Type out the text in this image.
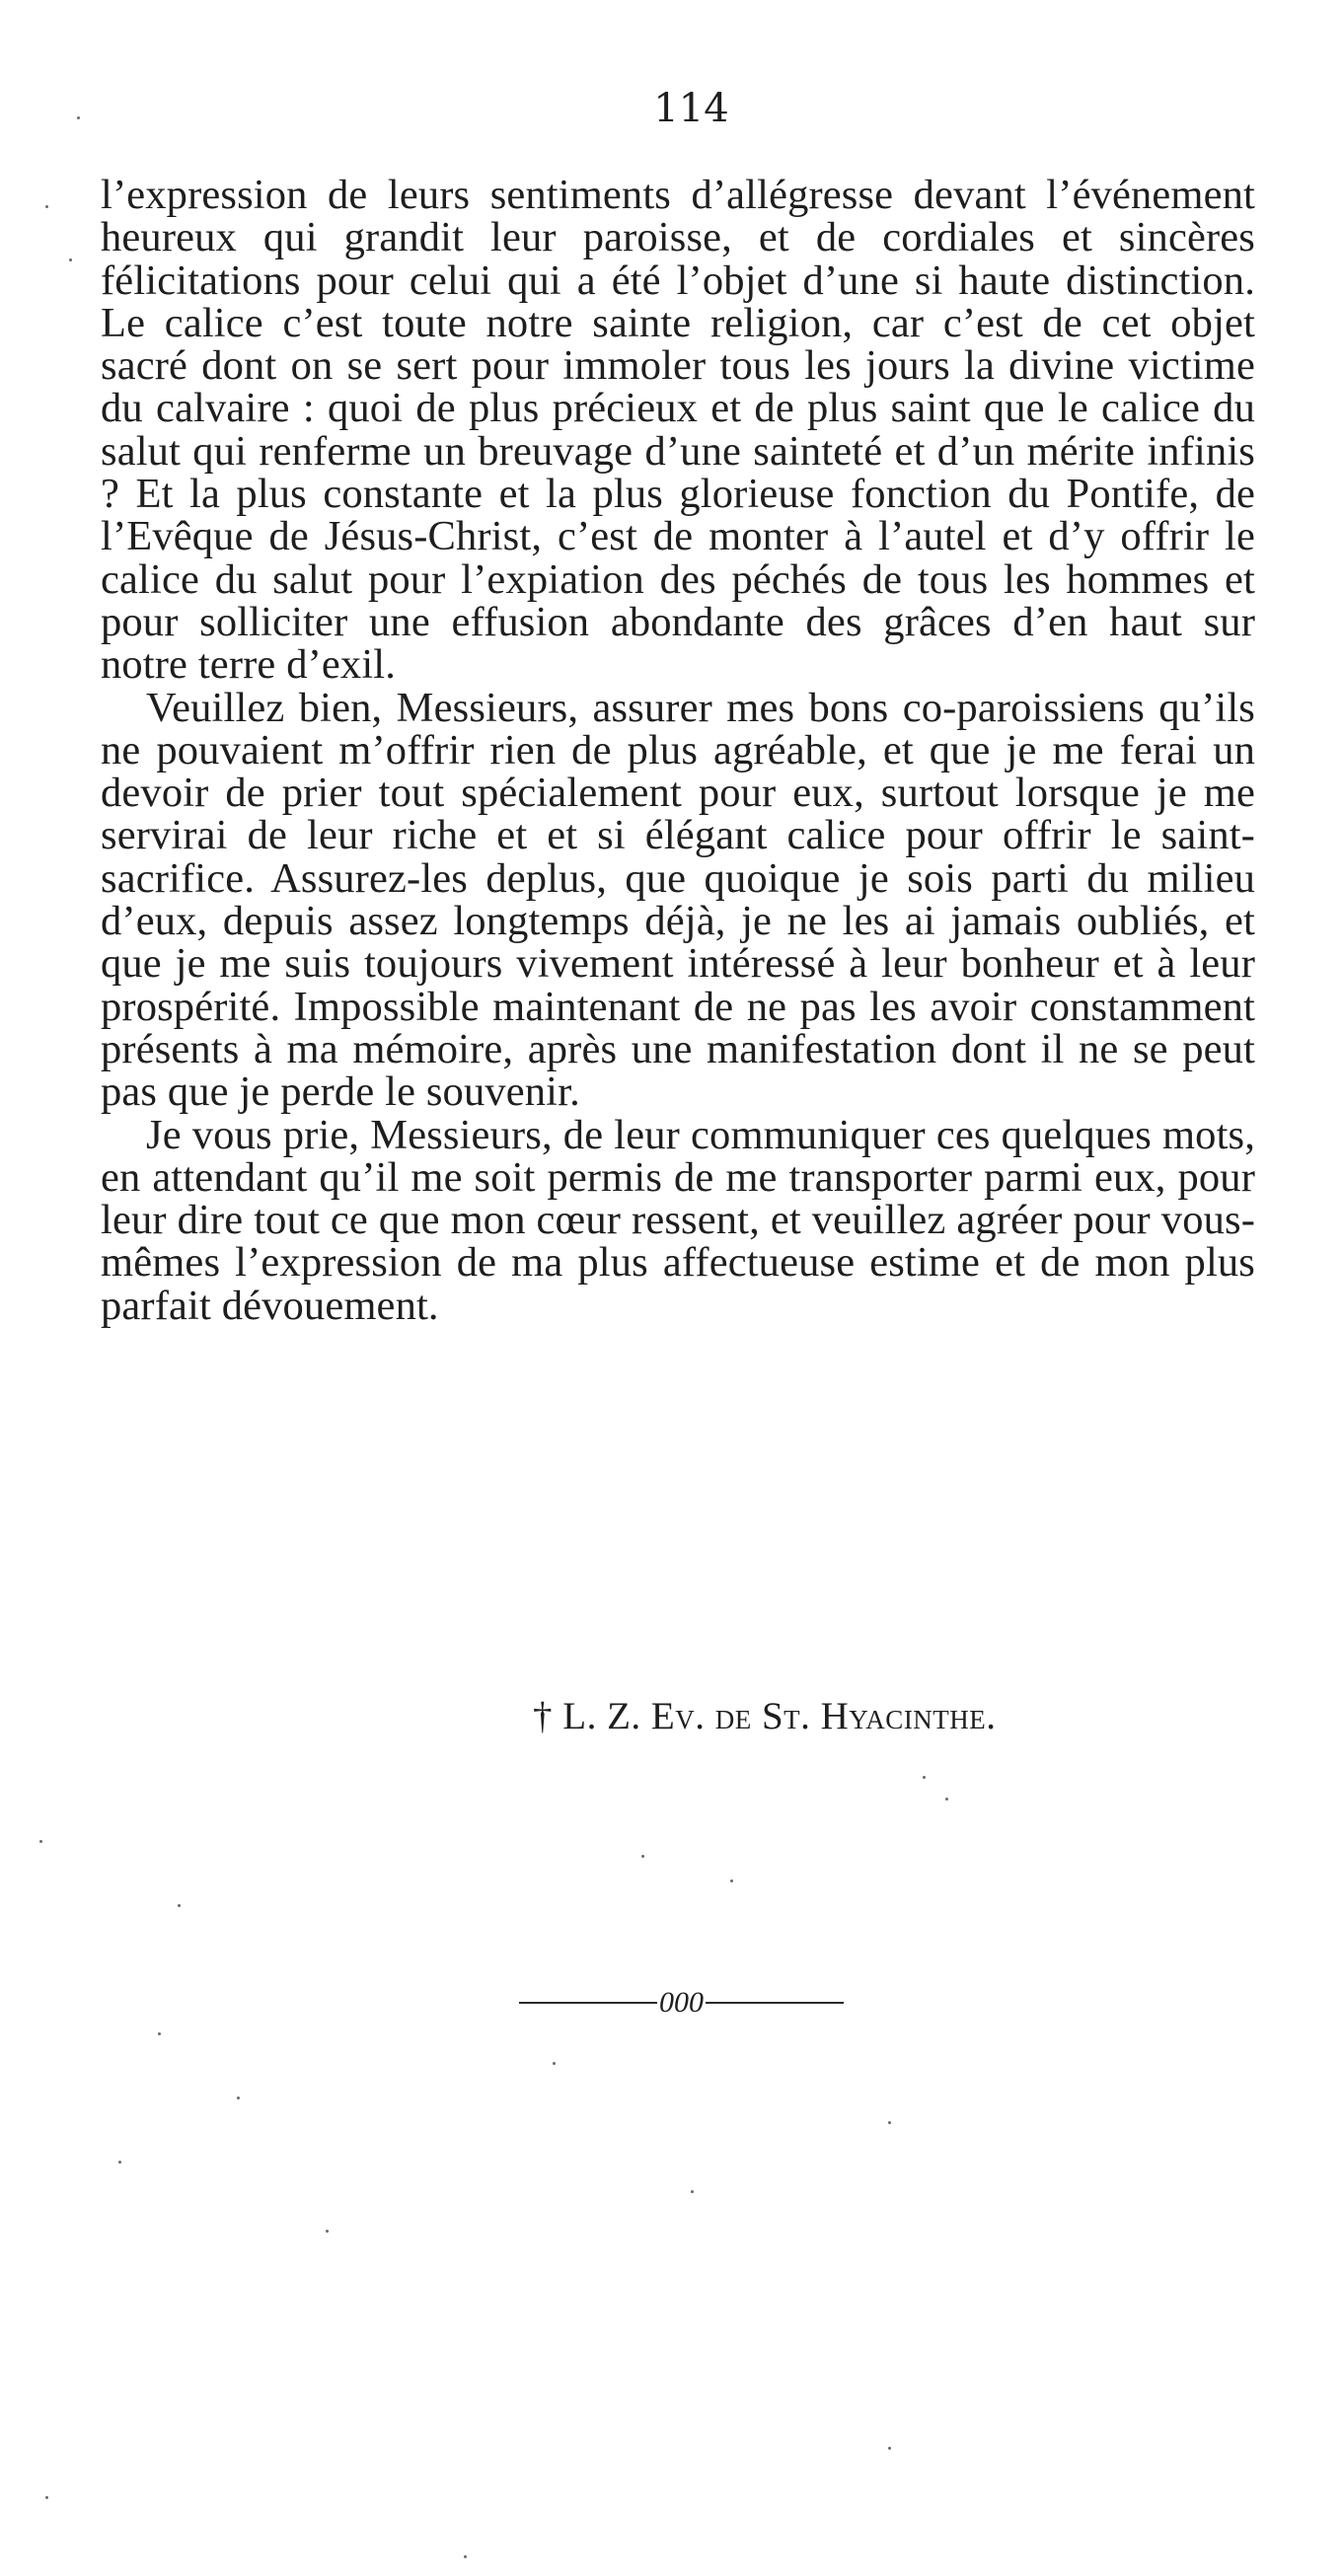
114

l’expression de leurs sentiments d’allégresse devant l’événement heureux qui grandit leur paroisse, et de cordiales et sincères félicitations pour celui qui a été l’objet d’une si haute distinction. Le calice c’est toute notre sainte religion, car c’est de cet objet sacré dont on se sert pour immoler tous les jours la divine victime du calvaire : quoi de plus précieux et de plus saint que le calice du salut qui renferme un breuvage d’une sainteté et d’un mérite infinis ? Et la plus constante et la plus glorieuse fonction du Pontife, de l’Evêque de Jésus-Christ, c’est de monter à l’autel et d’y offrir le calice du salut pour l’expiation des péchés de tous les hommes et pour solliciter une effusion abondante des grâces d’en haut sur notre terre d’exil.

Veuillez bien, Messieurs, assurer mes bons co-paroissiens qu’ils ne pouvaient m’offrir rien de plus agréable, et que je me ferai un devoir de prier tout spécialement pour eux, surtout lorsque je me servirai de leur riche et et si élégant calice pour offrir le saint-sacrifice. Assurez-les deplus, que quoique je sois parti du milieu d’eux, depuis assez longtemps déjà, je ne les ai jamais oubliés, et que je me suis toujours vivement intéressé à leur bonheur et à leur prospérité. Impossible maintenant de ne pas les avoir constamment présents à ma mémoire, après une manifestation dont il ne se peut pas que je perde le souvenir.

Je vous prie, Messieurs, de leur communiquer ces quelques mots, en attendant qu’il me soit permis de me transporter parmi eux, pour leur dire tout ce que mon cœur ressent, et veuillez agréer pour vous-mêmes l’expression de ma plus affectueuse estime et de mon plus parfait dévouement.

† L. Z. Ev. de St. Hyacinthe.
000
